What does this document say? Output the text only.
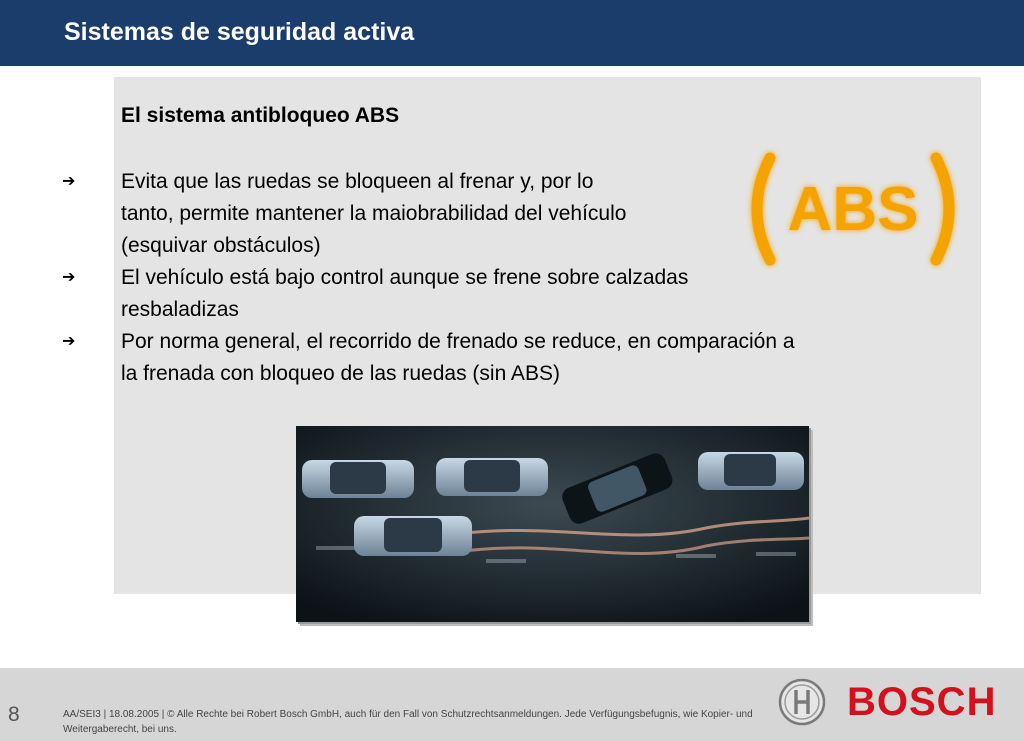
Sistemas de seguridad activa
El sistema antibloqueo ABS
➔	Evita que las ruedas se bloqueen al frenar y, por lo
tanto, permite mantener la maiobrabilidad del vehículo
(esquivar obstáculos)
➔	El vehículo está bajo control aunque se frene sobre calzadas
resbaladizas
➔	Por norma general, el recorrido de frenado se reduce, en comparación a
la frenada con bloqueo de las ruedas (sin ABS)
ABS
8	AA/SEI3 | 18.08.2005 | © Alle Rechte bei Robert Bosch GmbH, auch für den Fall von Schutzrechtsanmeldungen. Jede Verfügungsbefugnis, wie Kopier- und Weitergaberecht, bei uns.
BOSCH
